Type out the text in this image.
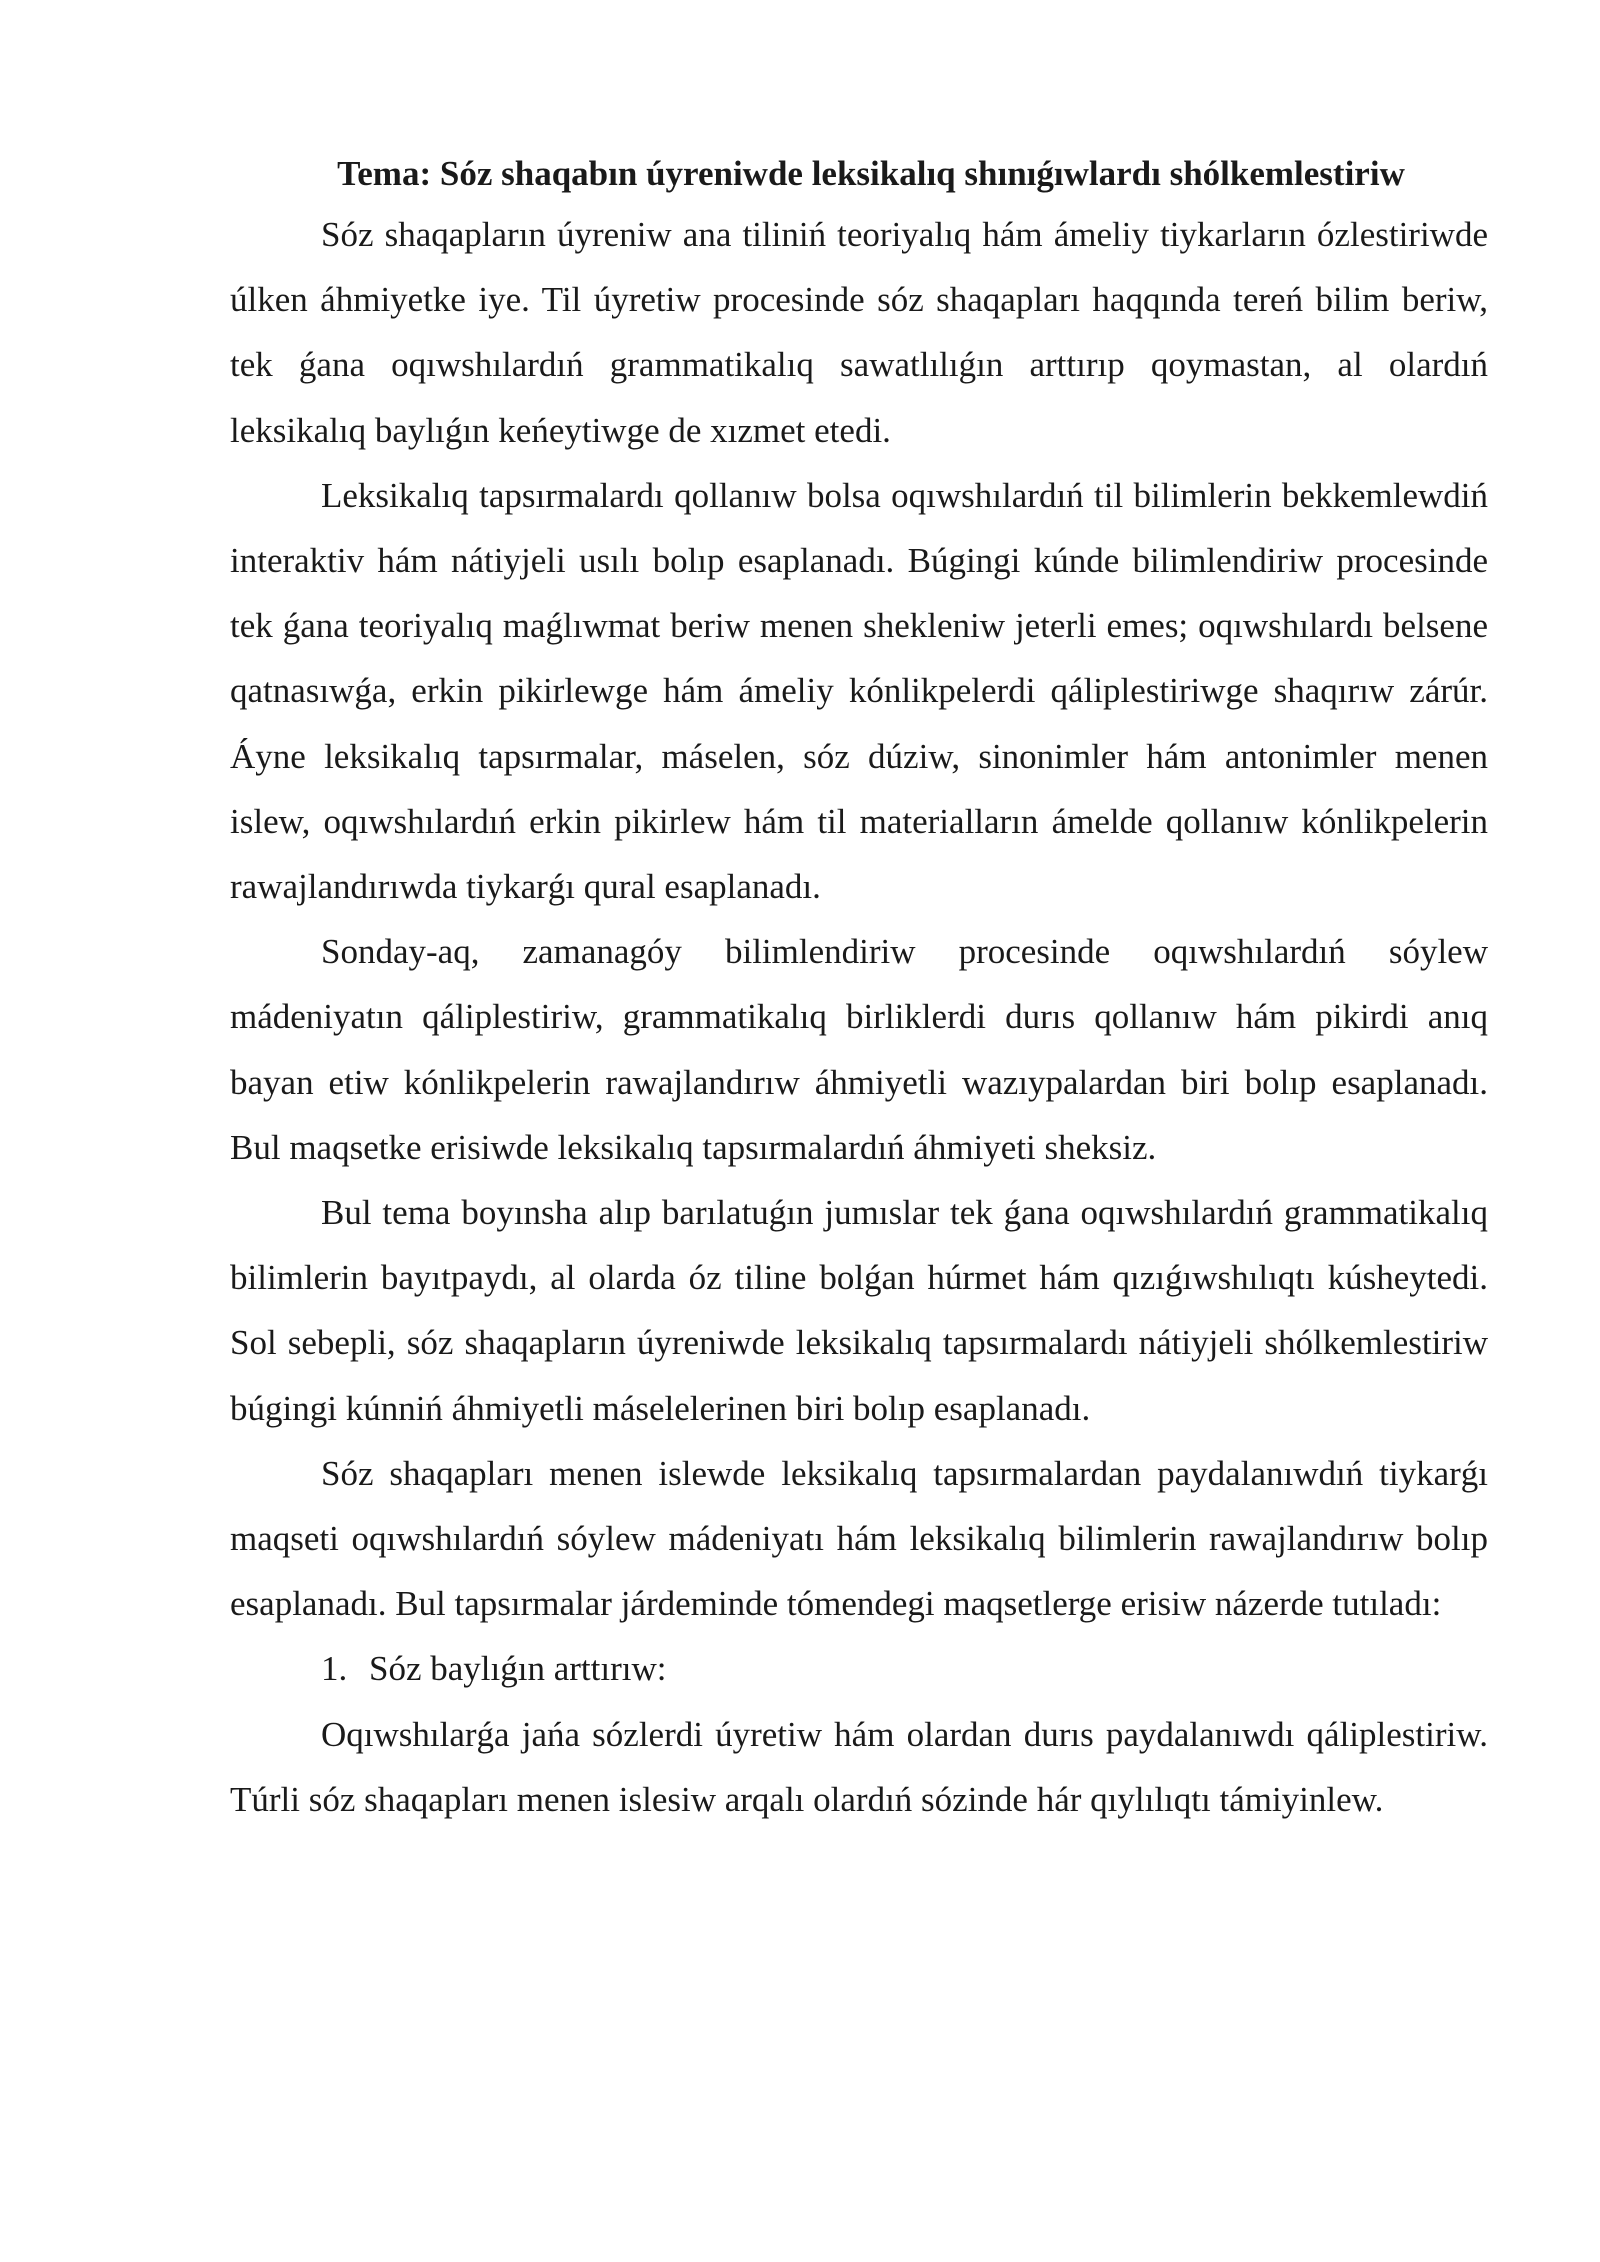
Tema: Sóz shaqabın úyreniwde leksikalıq shınıǵıwlardı shólkemlestiriw

Sóz shaqapların úyreniw ana tiliniń teoriyalıq hám ámeliy tiykarların ózlestiriwde úlken áhmiyetke iye. Til úyretiw procesinde sóz shaqapları haqqında tereń bilim beriw, tek ǵana oqıwshılardıń grammatikalıq sawatlılıǵın arttırıp qoymastan, al olardıń leksikalıq baylıǵın keńeytiwge de xızmet etedi.

Leksikalıq tapsırmalardı qollanıw bolsa oqıwshılardıń til bilimlerin bekkemlewdiń interaktiv hám nátiyjeli usılı bolıp esaplanadı. Búgingi kúnde bilimlendiriw procesinde tek ǵana teoriyalıq maǵlıwmat beriw menen shekleniw jeterli emes; oqıwshılardı belsene qatnasıwǵa, erkin pikirlewge hám ámeliy kónlikpelerdi qáliplestiriwge shaqırıw zárúr. Áyne leksikalıq tapsırmalar, máselen, sóz dúziw, sinonimler hám antonimler menen islew, oqıwshılardıń erkin pikirlew hám til materialların ámelde qollanıw kónlikpelerin rawajlandırıwda tiykarǵı qural esaplanadı.

Sonday-aq, zamanagóy bilimlendiriw procesinde oqıwshılardıń sóylew mádeniyatın qáliplestiriw, grammatikalıq birliklerdi durıs qollanıw hám pikirdi anıq bayan etiw kónlikpelerin rawajlandırıw áhmiyetli wazıypalardan biri bolıp esaplanadı. Bul maqsetke erisiwde leksikalıq tapsırmalardıń áhmiyeti sheksiz.

Bul tema boyınsha alıp barılatuǵın jumıslar tek ǵana oqıwshılardıń grammatikalıq bilimlerin bayıtpaydı, al olarda óz tiline bolǵan húrmet hám qızıǵıwshılıqtı kúsheytedi. Sol sebepli, sóz shaqapların úyreniwde leksikalıq tapsırmalardı nátiyjeli shólkemlestiriw búgingi kúnniń áhmiyetli máselelerinen biri bolıp esaplanadı.

Sóz shaqapları menen islewde leksikalıq tapsırmalardan paydalanıwdıń tiykarǵı maqseti oqıwshılardıń sóylew mádeniyatı hám leksikalıq bilimlerin rawajlandırıw bolıp esaplanadı. Bul tapsırmalar járdeminde tómendegi maqsetlerge erisiw názerde tutıladı:

1. Sóz baylıǵın arttırıw:

Oqıwshılarǵa jańa sózlerdi úyretiw hám olardan durıs paydalanıwdı qáliplestiriw. Túrli sóz shaqapları menen islesiw arqalı olardıń sózinde hár qıylılıqtı támiyinlew.
